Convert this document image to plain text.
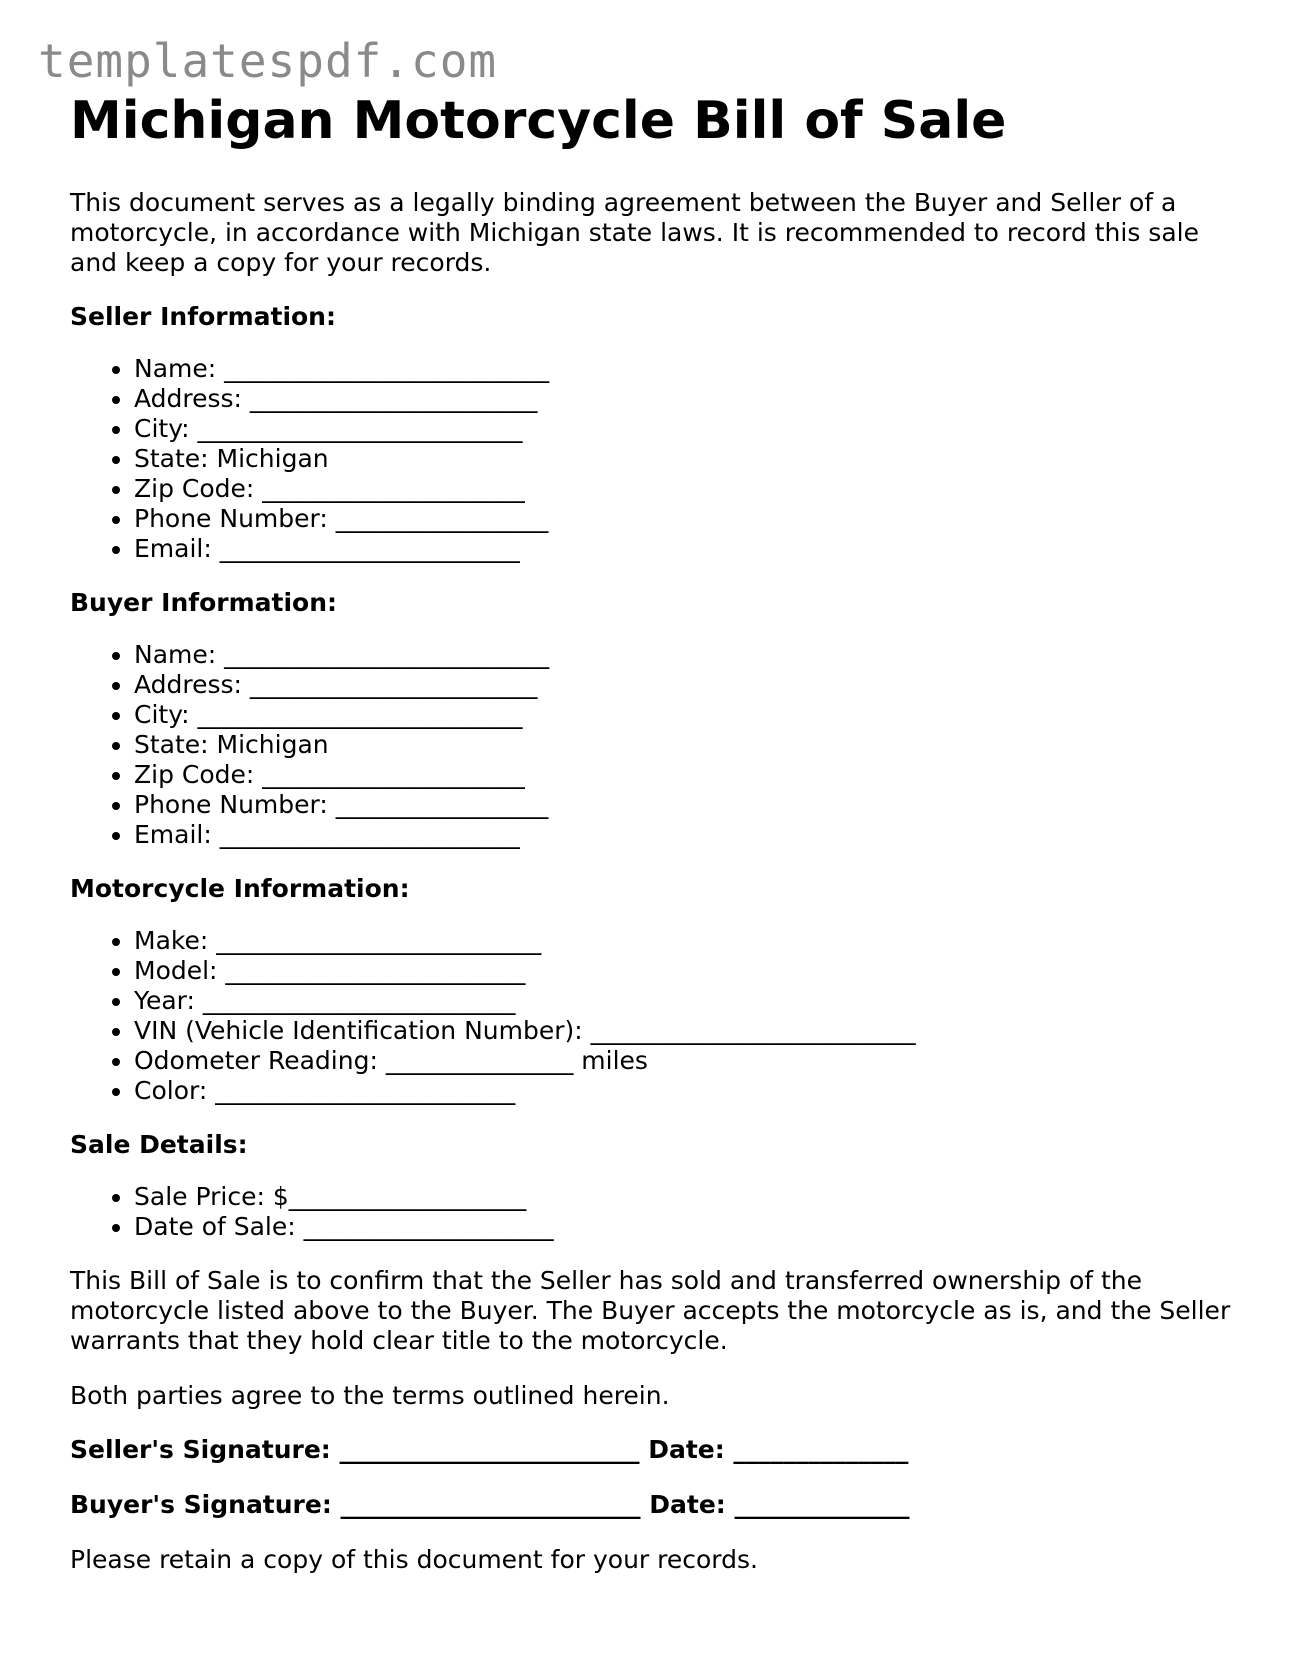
templatespdf.com
Michigan Motorcycle Bill of Sale

This document serves as a legally binding agreement between the Buyer and Seller of a motorcycle, in accordance with Michigan state laws. It is recommended to record this sale and keep a copy for your records.

Seller Information:
• Name: __________________________
• Address: _______________________
• City: __________________________
• State: Michigan
• Zip Code: _____________________
• Phone Number: _________________
• Email: ________________________
Buyer Information:
• Name: __________________________
• Address: _______________________
• City: __________________________
• State: Michigan
• Zip Code: _____________________
• Phone Number: _________________
• Email: ________________________
Motorcycle Information:
• Make: __________________________
• Model: ________________________
• Year: _________________________
• VIN (Vehicle Identification Number): __________________________
• Odometer Reading: _______________ miles
• Color: ________________________
Sale Details:
• Sale Price: $___________________
• Date of Sale: ____________________

This Bill of Sale is to confirm that the Seller has sold and transferred ownership of the motorcycle listed above to the Buyer. The Buyer accepts the motorcycle as is, and the Seller warrants that they hold clear title to the motorcycle.

Both parties agree to the terms outlined herein.

Seller's Signature: ________________________ Date: ______________

Buyer's Signature: ________________________ Date: ______________

Please retain a copy of this document for your records.
